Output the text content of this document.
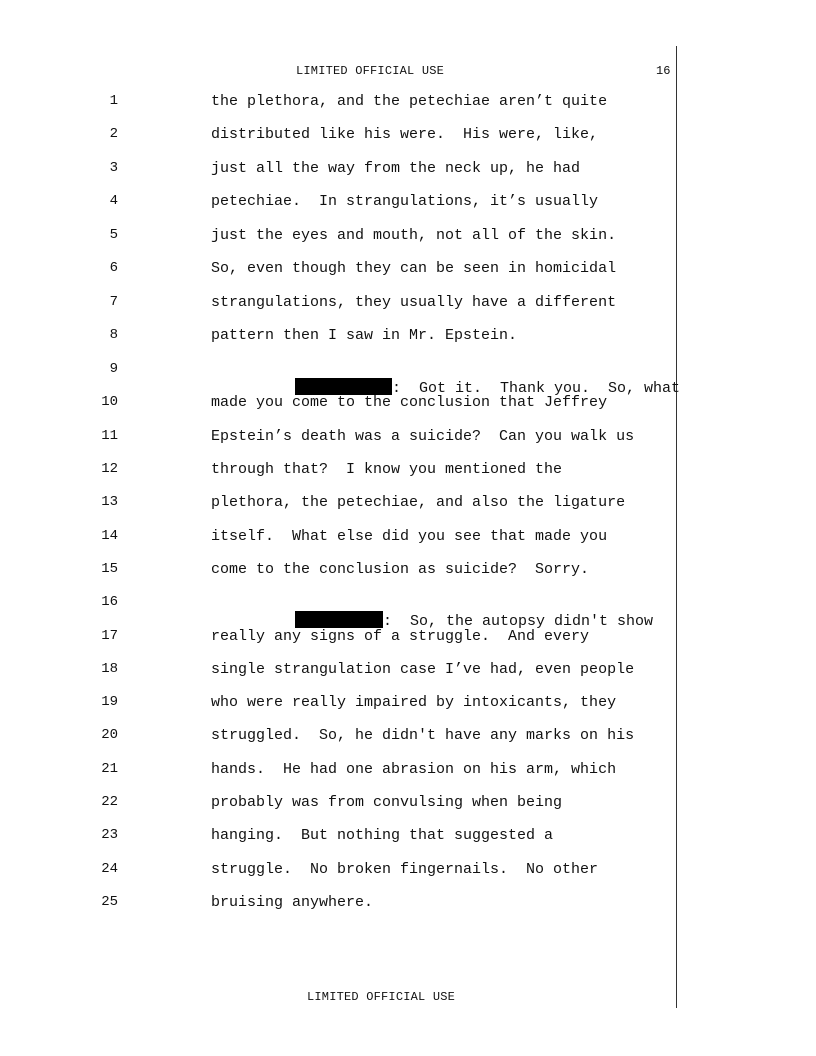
LIMITED OFFICIAL USE	16
1	the plethora, and the petechiae aren’t quite
2	distributed like his were.  His were, like,
3	just all the way from the neck up, he had
4	petechiae.  In strangulations, it’s usually
5	just the eyes and mouth, not all of the skin.
6	So, even though they can be seen in homicidal
7	strangulations, they usually have a different
8	pattern then I saw in Mr. Epstein.
9

:  Got it.  Thank you.  So, what

10	made you come to the conclusion that Jeffrey
11	Epstein’s death was a suicide?  Can you walk us
12	through that?  I know you mentioned the
13	plethora, the petechiae, and also the ligature
14	itself.  What else did you see that made you
15	come to the conclusion as suicide?  Sorry.
16

:  So, the autopsy didn't show

17	really any signs of a struggle.  And every
18	single strangulation case I’ve had, even people
19	who were really impaired by intoxicants, they
20	struggled.  So, he didn't have any marks on his
21	hands.  He had one abrasion on his arm, which
22	probably was from convulsing when being
23	hanging.  But nothing that suggested a
24	struggle.  No broken fingernails.  No other
25	bruising anywhere.
LIMITED OFFICIAL USE
